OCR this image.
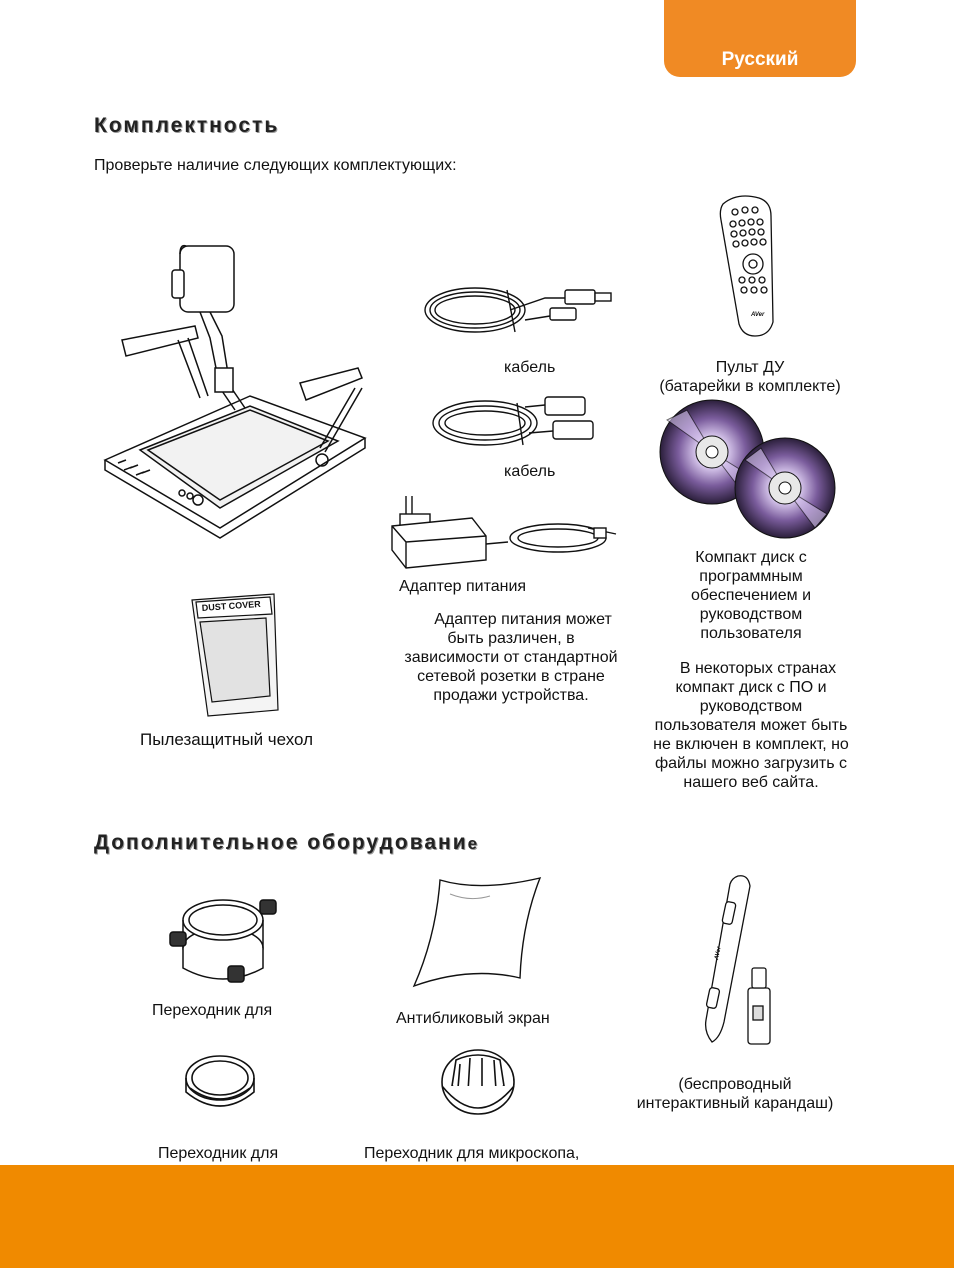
Русский
Комплектность
Проверьте наличие следующих комплектующих:
кабель
кабель
Адаптер питания
Адаптер питания может
быть различен, в
зависимости от стандартной
сетевой розетки в стране
продажи устройства.
AVer
Пульт ДУ
(батарейки в комплекте)
Компакт диск с
программным
обеспечением и
руководством
пользователя
В некоторых странах
компакт диск с ПО и
руководством
пользователя может быть
не включен в комплект, но
файлы можно загрузить с
нашего веб сайта.
DUST COVER
Пылезащитный чехол
Дополнительное оборудование
Переходник для	Антибликовый экран
AVer
(беспроводный
интерактивный карандаш)
Переходник для	Переходник для микроскопа,
